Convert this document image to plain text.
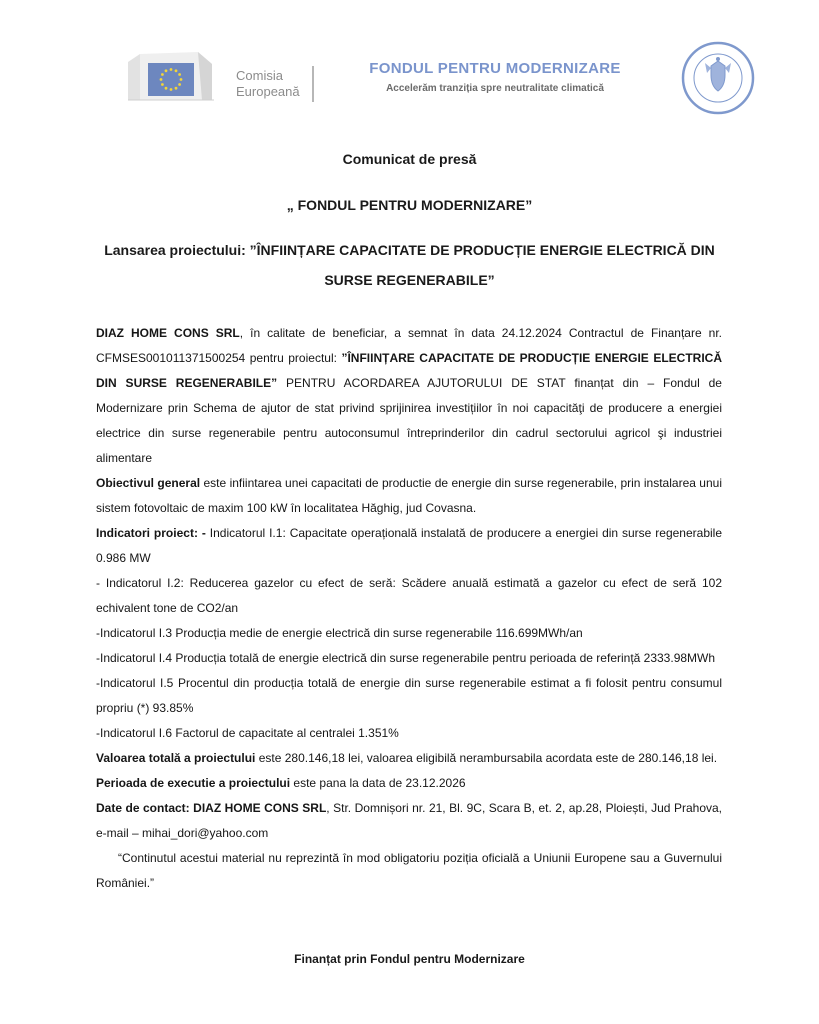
Comisia
Europeană
FONDUL PENTRU MODERNIZARE
Accelerăm tranziția spre neutralitate climatică
Comunicat de presă
„ FONDUL PENTRU MODERNIZARE”
Lansarea proiectului: ”ÎNFIINȚARE CAPACITATE DE PRODUCȚIE ENERGIE ELECTRICĂ DIN
SURSE REGENERABILE”

DIAZ HOME CONS SRL, în calitate de beneficiar, a semnat în data 24.12.2024 Contractul de Finanțare nr. CFMSES001011371500254 pentru proiectul: ”ÎNFIINȚARE CAPACITATE DE PRODUCȚIE ENERGIE ELECTRICĂ DIN SURSE REGENERABILE” PENTRU ACORDAREA AJUTORULUI DE STAT finanțat din – Fondul de Modernizare prin Schema de ajutor de stat privind sprijinirea investițiilor în noi capacităţi de producere a energiei electrice din surse regenerabile pentru autoconsumul întreprinderilor din cadrul sectorului agricol şi industriei alimentare

Obiectivul general este infiintarea unei capacitati de productie de energie din surse regenerabile, prin instalarea unui sistem fotovoltaic de maxim 100 kW în localitatea Hăghig, jud Covasna.

Indicatori proiect: - Indicatorul I.1: Capacitate operațională instalată de producere a energiei din surse regenerabile 0.986 MW

- Indicatorul I.2: Reducerea gazelor cu efect de seră: Scădere anuală estimată a gazelor cu efect de seră 102 echivalent tone de CO2/an

-Indicatorul I.3 Producția medie de energie electrică din surse regenerabile 116.699MWh/an

-Indicatorul I.4 Producția totală de energie electrică din surse regenerabile pentru perioada de referință 2333.98MWh

-Indicatorul I.5 Procentul din producția totală de energie din surse regenerabile estimat a fi folosit pentru consumul propriu (*) 93.85%

-Indicatorul I.6 Factorul de capacitate al centralei 1.351%

Valoarea totală a proiectului este 280.146,18 lei, valoarea eligibilă nerambursabila acordata este de 280.146,18 lei.

Perioada de executie a proiectului este pana la data de 23.12.2026

Date de contact: DIAZ HOME CONS SRL, Str. Domnișori nr. 21, Bl. 9C, Scara B, et. 2, ap.28, Ploiești, Jud Prahova, e-mail – mihai_dori@yahoo.com

“Continutul acestui material nu reprezintă în mod obligatoriu poziția oficială a Uniunii Europene sau a Guvernului României.”

Finanțat prin Fondul pentru Modernizare
